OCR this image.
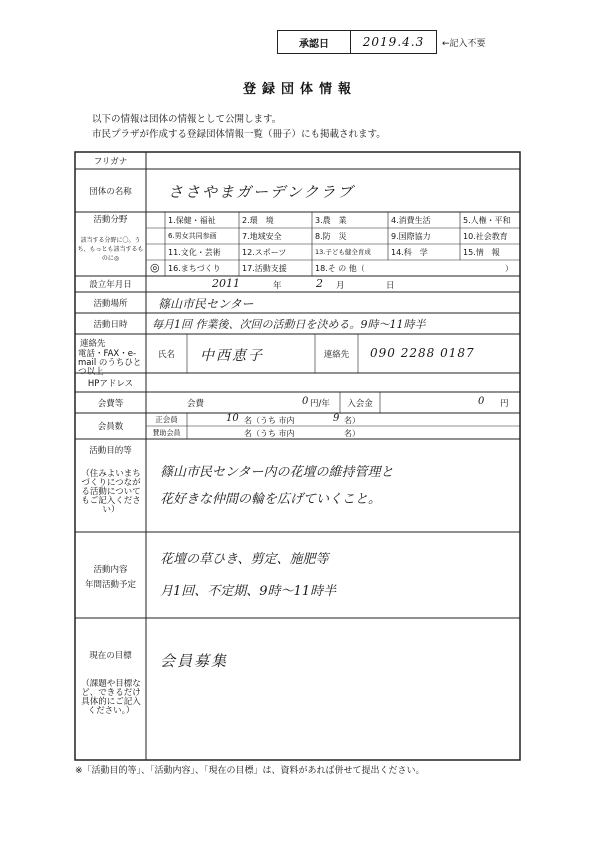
承認日	2019.4.3	←記入不要
登録団体情報
以下の情報は団体の情報として公開します。
市民プラザが作成する登録団体情報一覧（冊子）にも掲載されます。
フリガナ
団体の名称	ささやまガーデンクラブ
活動分野
該当する分野に〇。うち、もっとも該当するものに◎
1.保健・福祉	2.環　境	3.農　業	4.消費生活	5.人権・平和
6.男女共同参画	7.地域安全	8.防　災	9.国際協力	10.社会教育
11.文化・芸術	12.スポーツ	13.子ども健全育成	14.科　学	15.情　報
◎ 16.まちづくり	17.活動支援	18.そ の 他（	）
設立年月日	2011	年	2 月	日
活動場所	篠山市民センター
活動日時	毎月1回 作業後、次回の活動日を決める。9時～11時半
連絡先
電話・FAX・e-mail のうちひとつ以上
氏名	中西恵子	連絡先	090 2288 0187
HPアドレス
会費等	会費	0 円/年	入会金	0 円
会員数
正会員	10 名（うち 市内	9 名）
賛助会員	名（うち 市内	名）
活動目的等
（住みよいまちづくりにつながる活動についてもご記入ください）
篠山市民センター内の花壇の維持管理と
花好きな仲間の輪を広げていくこと。
活動内容
年間活動予定
花壇の草ひき、剪定、施肥等
月1回、不定期、9時～11時半
現在の目標
（課題や目標など、できるだけ具体的にご記入ください。）
会員募集
※「活動目的等」、「活動内容」、「現在の目標」は、資料があれば併せて提出ください。
